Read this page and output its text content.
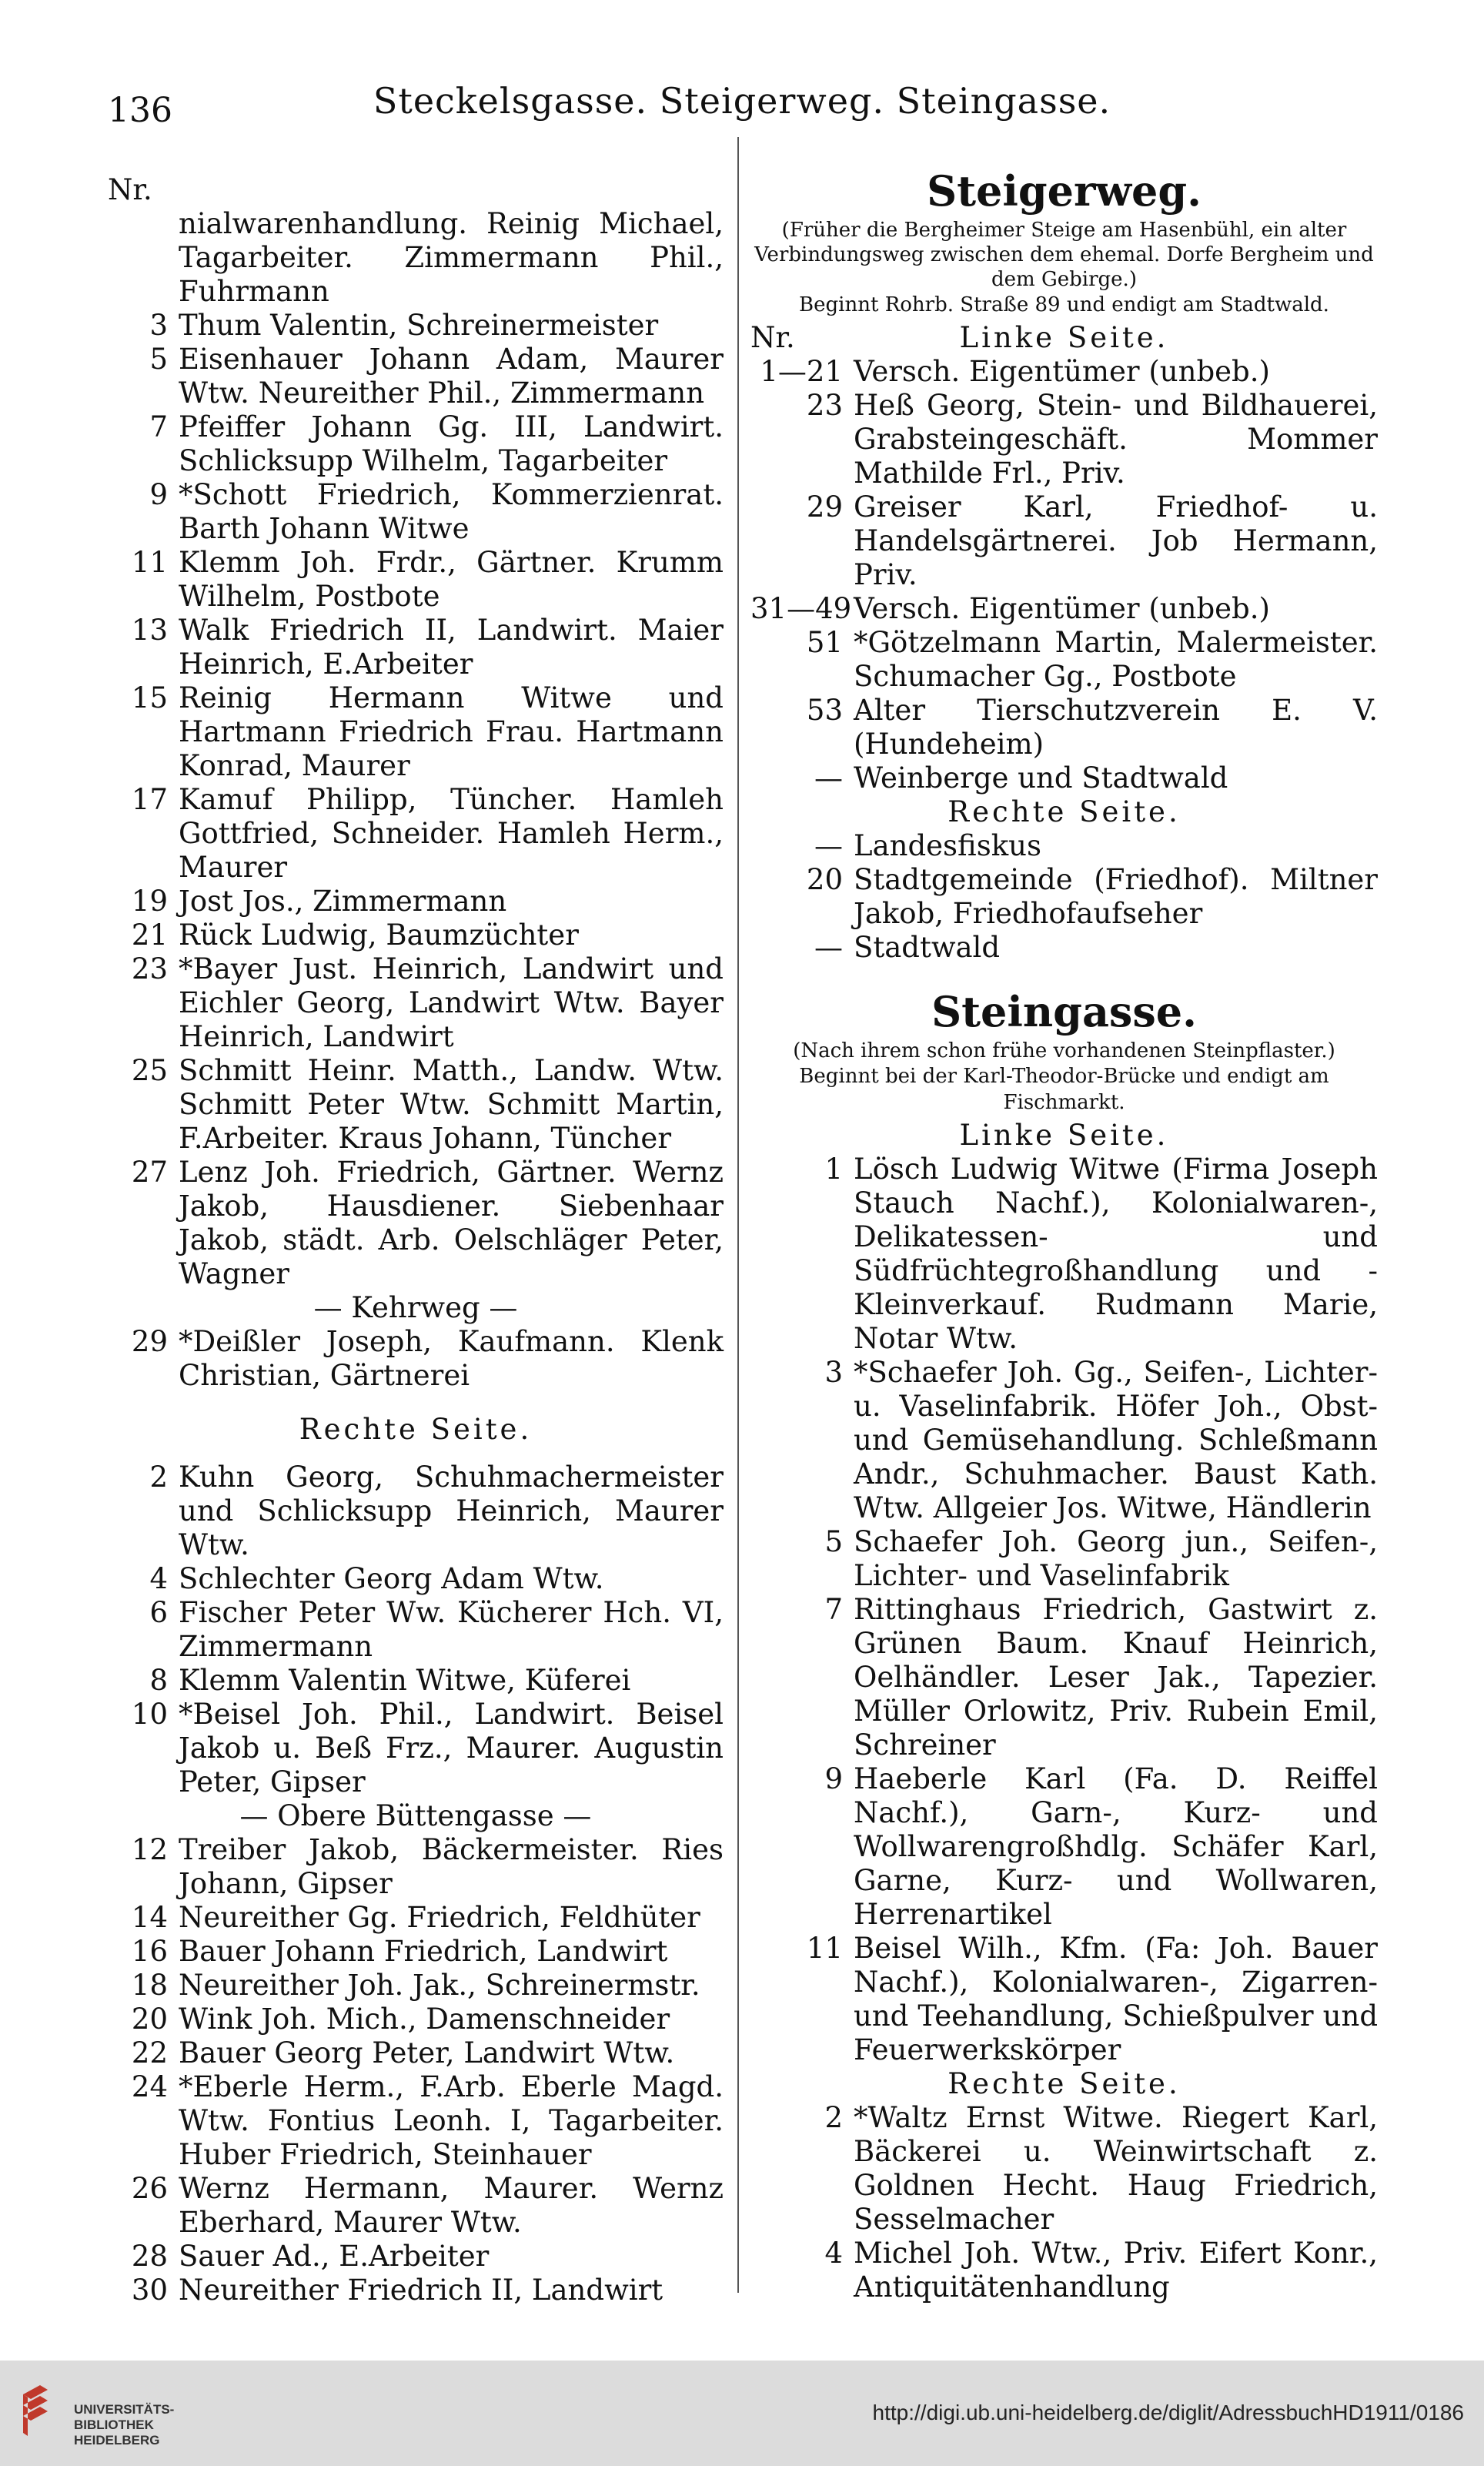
136	Steckelsgasse. Steigerweg. Steingasse.
Nr.
nialwarenhandlung. Reinig Michael, Tagarbeiter. Zimmermann Phil., Fuhrmann
3 Thum Valentin, Schreinermeister
5 Eisenhauer Johann Adam, Maurer Wtw. Neureither Phil., Zimmermann
7 Pfeiffer Johann Gg. III, Landwirt. Schlicksupp Wilhelm, Tagarbeiter
9 *Schott Friedrich, Kommerzienrat. Barth Johann Witwe
11 Klemm Joh. Frdr., Gärtner. Krumm Wilhelm, Postbote
13 Walk Friedrich II, Landwirt. Maier Heinrich, E.Arbeiter
15 Reinig Hermann Witwe und Hartmann Friedrich Frau. Hartmann Konrad, Maurer
17 Kamuf Philipp, Tüncher. Hamleh Gottfried, Schneider. Hamleh Herm., Maurer
19 Jost Jos., Zimmermann
21 Rück Ludwig, Baumzüchter
23 *Bayer Just. Heinrich, Landwirt und Eichler Georg, Landwirt Wtw. Bayer Heinrich, Landwirt
25 Schmitt Heinr. Matth., Landw. Wtw. Schmitt Peter Wtw. Schmitt Martin, F.Arbeiter. Kraus Johann, Tüncher
27 Lenz Joh. Friedrich, Gärtner. Wernz Jakob, Hausdiener. Siebenhaar Jakob, städt. Arb. Oelschläger Peter, Wagner
— Kehrweg —
29 *Deißler Joseph, Kaufmann. Klenk Christian, Gärtnerei
Rechte Seite.
2 Kuhn Georg, Schuhmachermeister und Schlicksupp Heinrich, Maurer Wtw.
4 Schlechter Georg Adam Wtw.
6 Fischer Peter Ww. Kücherer Hch. VI, Zimmermann
8 Klemm Valentin Witwe, Küferei
10 *Beisel Joh. Phil., Landwirt. Beisel Jakob u. Beß Frz., Maurer. Augustin Peter, Gipser
— Obere Büttengasse —
12 Treiber Jakob, Bäckermeister. Ries Johann, Gipser
14 Neureither Gg. Friedrich, Feldhüter
16 Bauer Johann Friedrich, Landwirt
18 Neureither Joh. Jak., Schreinermstr.
20 Wink Joh. Mich., Damenschneider
22 Bauer Georg Peter, Landwirt Wtw.
24 *Eberle Herm., F.Arb. Eberle Magd. Wtw. Fontius Leonh. I, Tagarbeiter. Huber Friedrich, Steinhauer
26 Wernz Hermann, Maurer. Wernz Eberhard, Maurer Wtw.
28 Sauer Ad., E.Arbeiter
30 Neureither Friedrich II, Landwirt
Steigerweg.
(Früher die Bergheimer Steige am Hasenbühl, ein alter Verbindungsweg zwischen dem ehemal. Dorfe Bergheim und dem Gebirge.)
Beginnt Rohrb. Straße 89 und endigt am Stadtwald.
Nr.	Linke Seite.
1—21 Versch. Eigentümer (unbeb.)
23 Heß Georg, Stein- und Bildhauerei, Grabsteingeschäft. Mommer Mathilde Frl., Priv.
29 Greiser Karl, Friedhof- u. Handelsgärtnerei. Job Hermann, Priv.
31—49 Versch. Eigentümer (unbeb.)
51 *Götzelmann Martin, Malermeister. Schumacher Gg., Postbote
53 Alter Tierschutzverein E. V. (Hundeheim)
— Weinberge und Stadtwald
Rechte Seite.
— Landesfiskus
20 Stadtgemeinde (Friedhof). Miltner Jakob, Friedhofaufseher
— Stadtwald
Steingasse.
(Nach ihrem schon frühe vorhandenen Steinpflaster.)
Beginnt bei der Karl-Theodor-Brücke und endigt am Fischmarkt.
Linke Seite.
1 Lösch Ludwig Witwe (Firma Joseph Stauch Nachf.), Kolonialwaren-, Delikatessen- und Südfrüchtegroßhandlung und -Kleinverkauf. Rudmann Marie, Notar Wtw.
3 *Schaefer Joh. Gg., Seifen-, Lichter- u. Vaselinfabrik. Höfer Joh., Obst- und Gemüsehandlung. Schleßmann Andr., Schuhmacher. Baust Kath. Wtw. Allgeier Jos. Witwe, Händlerin
5 Schaefer Joh. Georg jun., Seifen-, Lichter- und Vaselinfabrik
7 Rittinghaus Friedrich, Gastwirt z. Grünen Baum. Knauf Heinrich, Oelhändler. Leser Jak., Tapezier. Müller Orlowitz, Priv. Rubein Emil, Schreiner
9 Haeberle Karl (Fa. D. Reiffel Nachf.), Garn-, Kurz- und Wollwarengroßhdlg. Schäfer Karl, Garne, Kurz- und Wollwaren, Herrenartikel
11 Beisel Wilh., Kfm. (Fa: Joh. Bauer Nachf.), Kolonialwaren-, Zigarren- und Teehandlung, Schießpulver und Feuerwerkskörper
Rechte Seite.
2 *Waltz Ernst Witwe. Riegert Karl, Bäckerei u. Weinwirtschaft z. Goldnen Hecht. Haug Friedrich, Sesselmacher
4 Michel Joh. Wtw., Priv. Eifert Konr., Antiquitätenhandlung
UNIVERSITÄTS-
BIBLIOTHEK
HEIDELBERG
http://digi.ub.uni-heidelberg.de/diglit/AdressbuchHD1911/0186
